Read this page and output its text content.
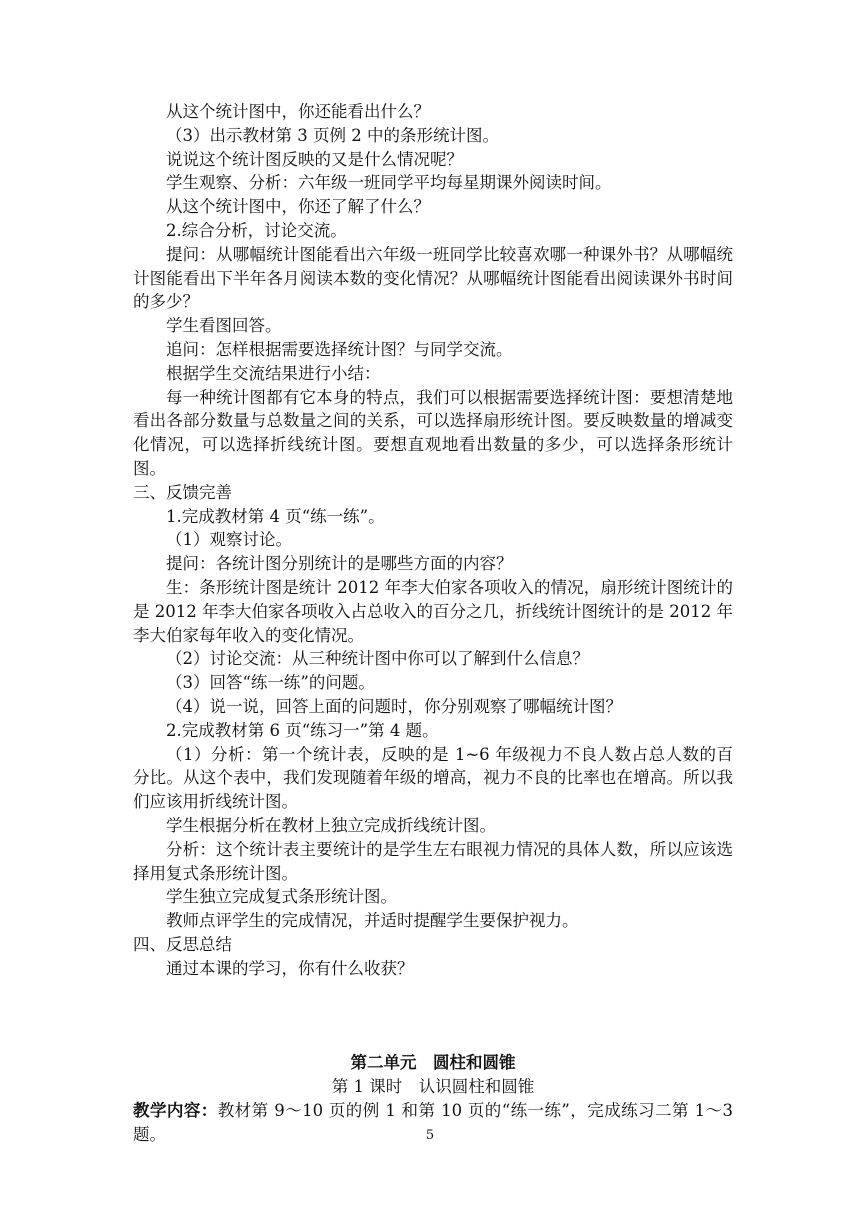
从这个统计图中，你还能看出什么？

（3）出示教材第 3 页例 2 中的条形统计图。

说说这个统计图反映的又是什么情况呢？

学生观察、分析：六年级一班同学平均每星期课外阅读时间。

从这个统计图中，你还了解了什么？

2.综合分析，讨论交流。

提问：从哪幅统计图能看出六年级一班同学比较喜欢哪一种课外书？从哪幅统计图能看出下半年各月阅读本数的变化情况？从哪幅统计图能看出阅读课外书时间的多少？

学生看图回答。

追问：怎样根据需要选择统计图？与同学交流。

根据学生交流结果进行小结：

每一种统计图都有它本身的特点，我们可以根据需要选择统计图：要想清楚地看出各部分数量与总数量之间的关系，可以选择扇形统计图。要反映数量的增减变化情况，可以选择折线统计图。要想直观地看出数量的多少，可以选择条形统计图。

三、反馈完善

1.完成教材第 4 页“练一练”。

（1）观察讨论。

提问：各统计图分别统计的是哪些方面的内容？

生：条形统计图是统计 2012 年李大伯家各项收入的情况，扇形统计图统计的是 2012 年李大伯家各项收入占总收入的百分之几，折线统计图统计的是 2012 年李大伯家每年收入的变化情况。

（2）讨论交流：从三种统计图中你可以了解到什么信息？

（3）回答“练一练”的问题。

（4）说一说，回答上面的问题时，你分别观察了哪幅统计图？

2.完成教材第 6 页“练习一”第 4 题。

（1）分析：第一个统计表，反映的是 1~6 年级视力不良人数占总人数的百分比。从这个表中，我们发现随着年级的增高，视力不良的比率也在增高。所以我们应该用折线统计图。

学生根据分析在教材上独立完成折线统计图。

分析：这个统计表主要统计的是学生左右眼视力情况的具体人数，所以应该选择用复式条形统计图。

学生独立完成复式条形统计图。

教师点评学生的完成情况，并适时提醒学生要保护视力。

四、反思总结

通过本课的学习，你有什么收获？

第二单元　圆柱和圆锥

第 1 课时　认识圆柱和圆锥

教学内容：教材第 9～10 页的例 1 和第 10 页的“练一练”，完成练习二第 1～3 题。	5
